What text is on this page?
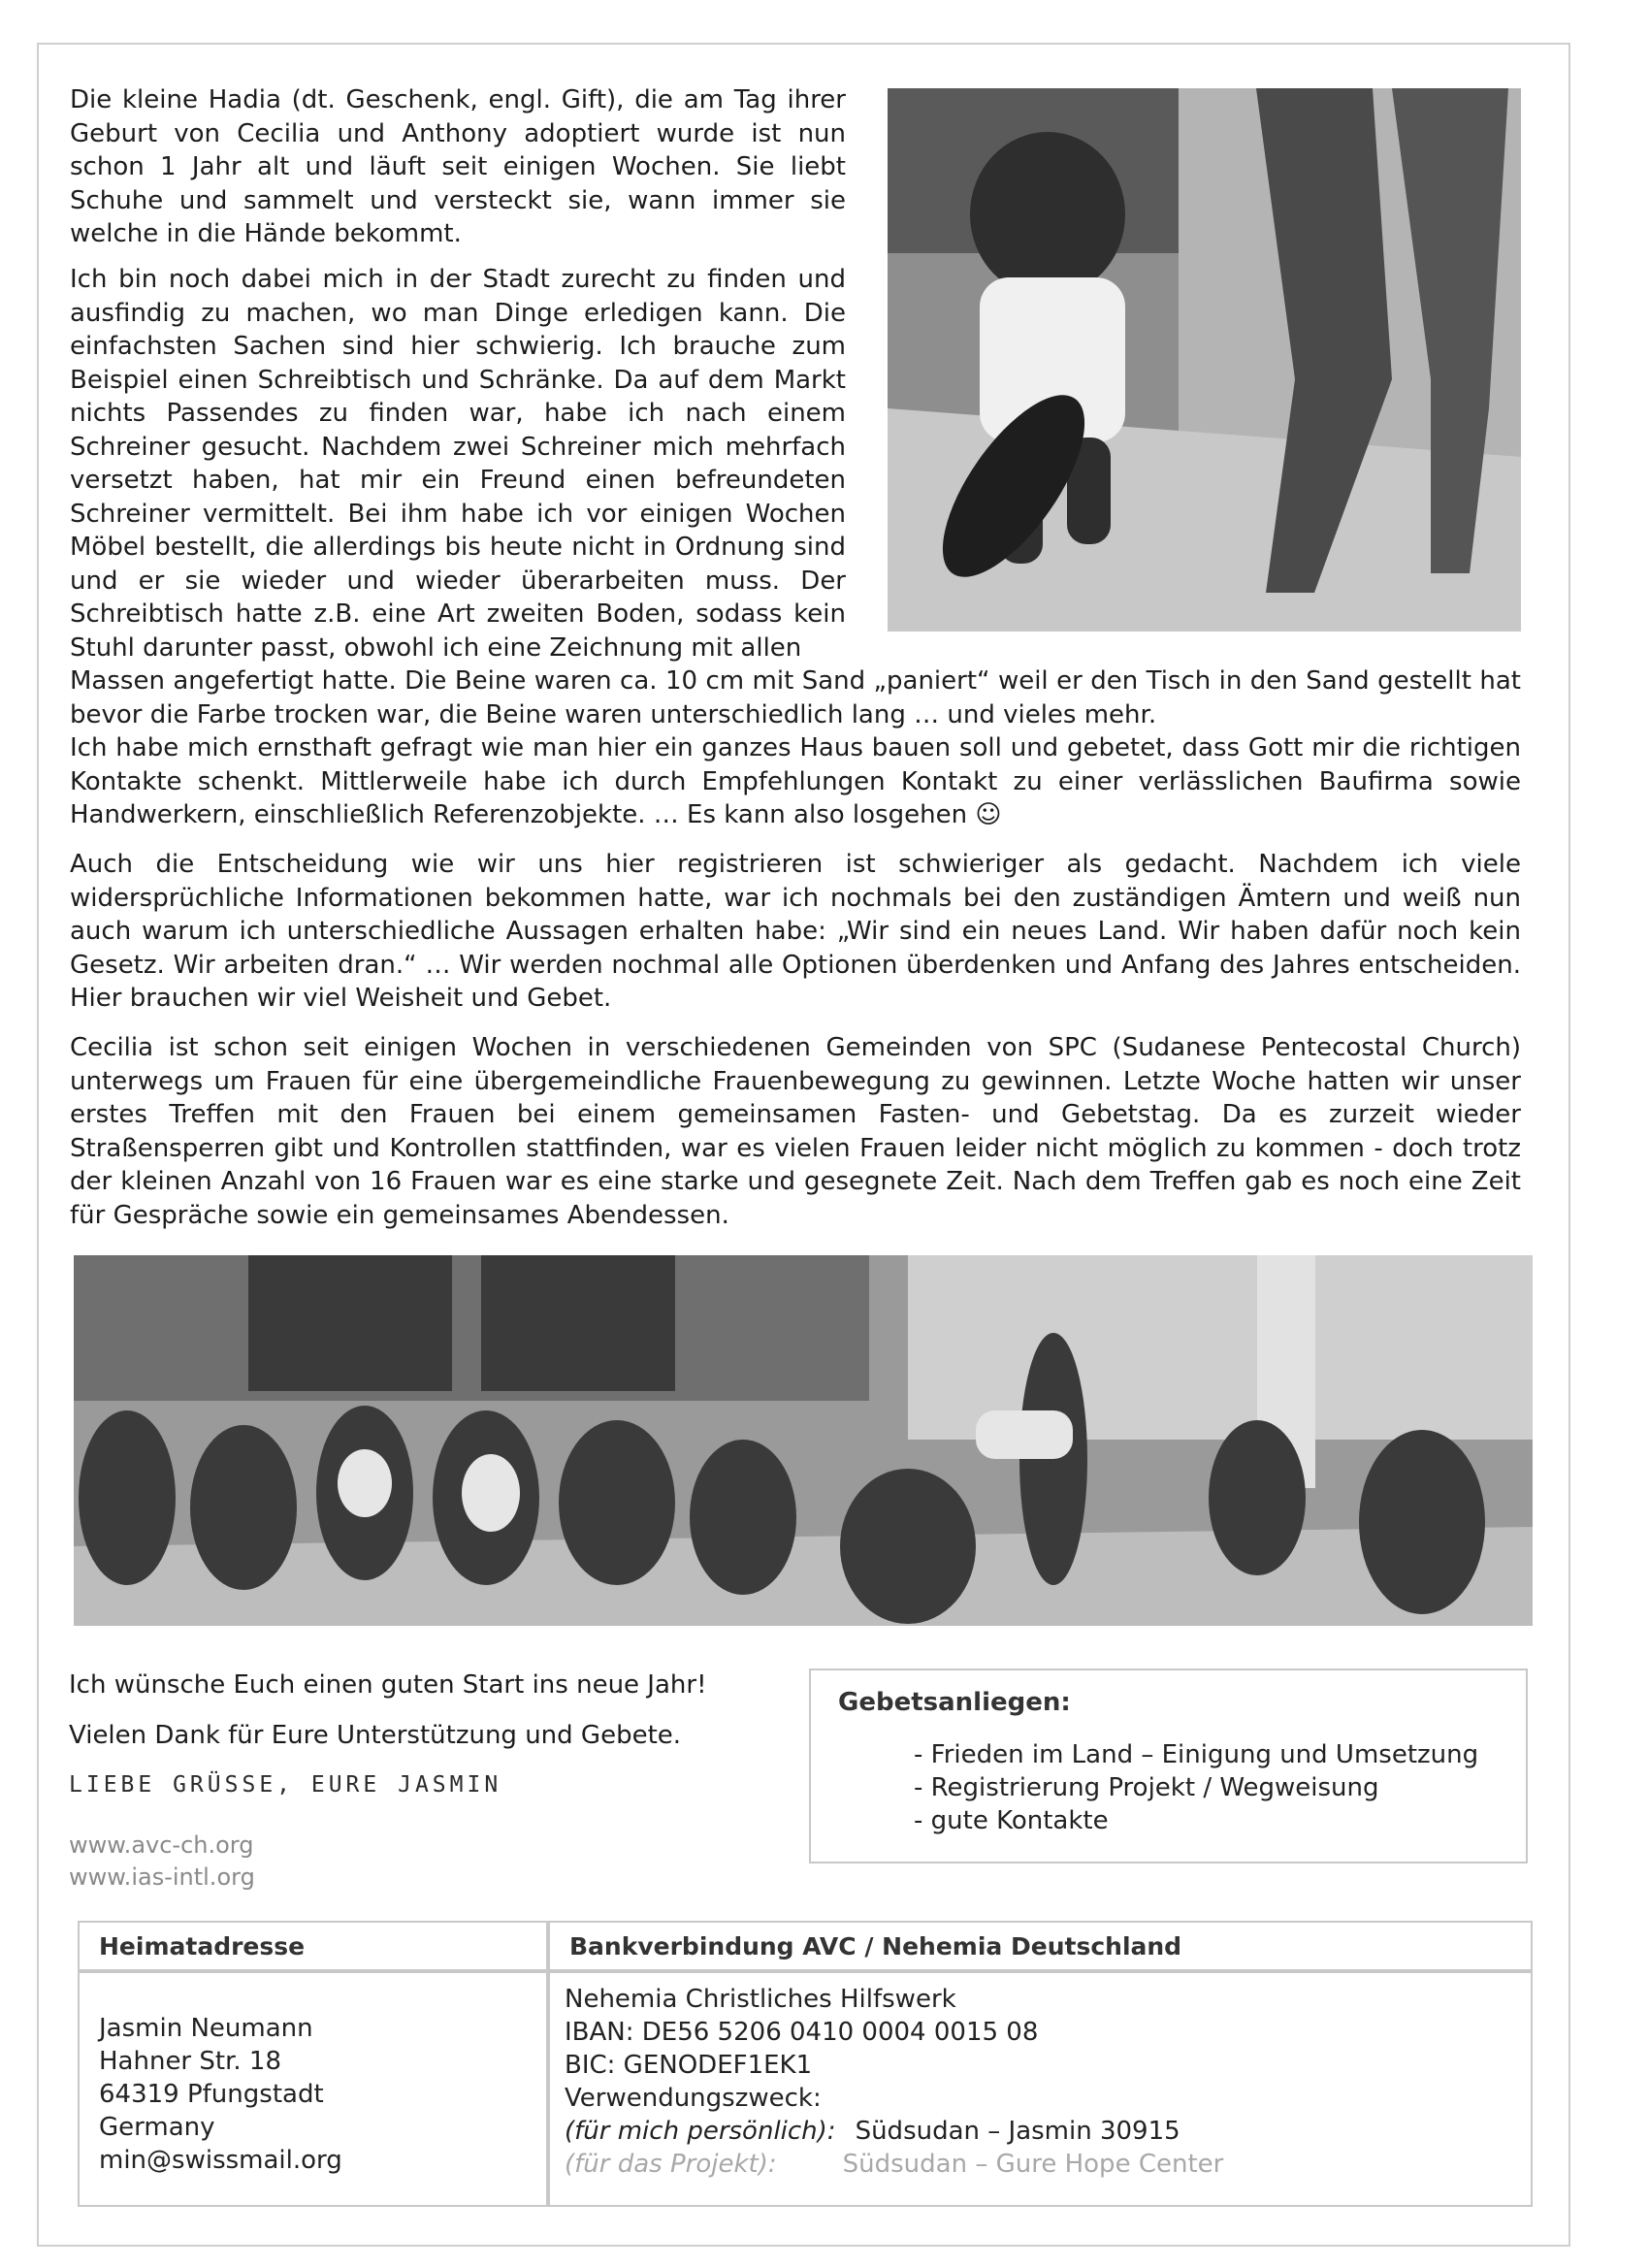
Die kleine Hadia (dt. Geschenk, engl. Gift), die am Tag ihrer Geburt von Cecilia und Anthony adoptiert wurde ist nun schon 1 Jahr alt und läuft seit einigen Wochen. Sie liebt Schuhe und sammelt und versteckt sie, wann immer sie welche in die Hände bekommt.

Ich bin noch dabei mich in der Stadt zurecht zu finden und ausfindig zu machen, wo man Dinge erledigen kann. Die einfachsten Sachen sind hier schwierig. Ich brauche zum Beispiel einen Schreibtisch und Schränke. Da auf dem Markt nichts Passendes zu finden war, habe ich nach einem Schreiner gesucht. Nachdem zwei Schreiner mich mehrfach versetzt haben, hat mir ein Freund einen befreundeten Schreiner vermittelt. Bei ihm habe ich vor einigen Wochen Möbel bestellt, die allerdings bis heute nicht in Ordnung sind und er sie wieder und wieder überarbeiten muss. Der Schreibtisch hatte z.B. eine Art zweiten Boden, sodass kein Stuhl darunter passt, obwohl ich eine Zeichnung mit allen

Massen angefertigt hatte. Die Beine waren ca. 10 cm mit Sand „paniert“ weil er den Tisch in den Sand gestellt hat bevor die Farbe trocken war, die Beine waren unterschiedlich lang … und vieles mehr.

Ich habe mich ernsthaft gefragt wie man hier ein ganzes Haus bauen soll und gebetet, dass Gott mir die richtigen Kontakte schenkt. Mittlerweile habe ich durch Empfehlungen Kontakt zu einer verlässlichen Baufirma sowie Handwerkern, einschließlich Referenzobjekte. … Es kann also losgehen ☺

Auch die Entscheidung wie wir uns hier registrieren ist schwieriger als gedacht. Nachdem ich viele widersprüchliche Informationen bekommen hatte, war ich nochmals bei den zuständigen Ämtern und weiß nun auch warum ich unterschiedliche Aussagen erhalten habe: „Wir sind ein neues Land. Wir haben dafür noch kein Gesetz. Wir arbeiten dran.“ … Wir werden nochmal alle Optionen überdenken und Anfang des Jahres entscheiden. Hier brauchen wir viel Weisheit und Gebet.

Cecilia ist schon seit einigen Wochen in verschiedenen Gemeinden von SPC (Sudanese Pentecostal Church) unterwegs um Frauen für eine übergemeindliche Frauenbewegung zu gewinnen. Letzte Woche hatten wir unser erstes Treffen mit den Frauen bei einem gemeinsamen Fasten- und Gebetstag. Da es zurzeit wieder Straßensperren gibt und Kontrollen stattfinden, war es vielen Frauen leider nicht möglich zu kommen - doch trotz der kleinen Anzahl von 16 Frauen war es eine starke und gesegnete Zeit. Nach dem Treffen gab es noch eine Zeit für Gespräche sowie ein gemeinsames Abendessen.

Ich wünsche Euch einen guten Start ins neue Jahr!

Vielen Dank für Eure Unterstützung und Gebete.

LIEBE GRÜSSE, EURE JASMIN

www.avc-ch.org

www.ias-intl.org

Gebetsanliegen:
- Frieden im Land – Einigung und Umsetzung
- Registrierung Projekt / Wegweisung
- gute Kontakte
Heimatadresse	Bankverbindung AVC / Nehemia Deutschland
Jasmin Neumann
Hahner Str. 18
64319 Pfungstadt
Germany
min@swissmail.org
Nehemia Christliches Hilfswerk
IBAN: DE56 5206 0410 0004 0015 08
BIC: GENODEF1EK1
Verwendungszweck:
(für mich persönlich): Südsudan – Jasmin 30915
(für das Projekt):	Südsudan – Gure Hope Center
